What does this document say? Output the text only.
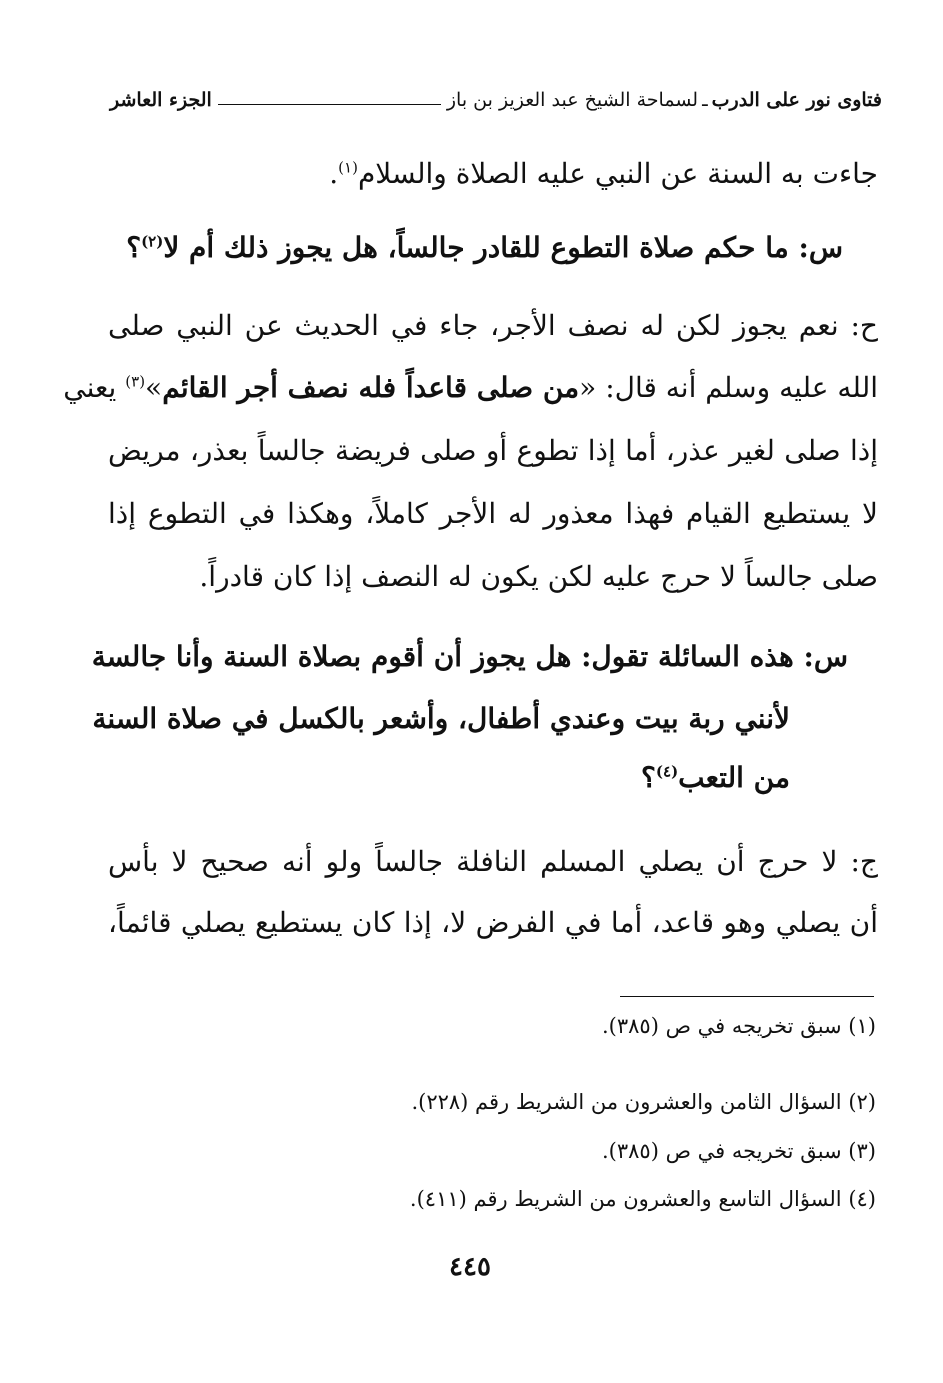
فتاوى نور على الدرب
ـ
لسماحة الشيخ عبد العزيز بن باز
الجزء العاشر
جاءت به السنة عن النبي عليه الصلاة والسلام$^{(١)}$.
س: ما حكم صلاة التطوع للقادر جالساً، هل يجوز ذلك أم لا$^{(٢)}$؟
ح: نعم يجوز لكن له نصف الأجر، جاء في الحديث عن النبي صلى
الله عليه وسلم أنه قال: «من صلى قاعداً فله نصف أجر القائم»$^{(٣)}$ يعني
إذا صلى لغير عذر، أما إذا تطوع أو صلى فريضة جالساً بعذر، مريض
لا يستطيع القيام فهذا معذور له الأجر كاملاً، وهكذا في التطوع إذا
صلى جالساً لا حرج عليه لكن يكون له النصف إذا كان قادراً.
س: هذه السائلة تقول: هل يجوز أن أقوم بصلاة السنة وأنا جالسة
لأنني ربة بيت وعندي أطفال، وأشعر بالكسل في صلاة السنة
من التعب$^{(٤)}$؟
ج: لا حرج أن يصلي المسلم النافلة جالساً ولو أنه صحيح لا بأس
أن يصلي وهو قاعد، أما في الفرض لا، إذا كان يستطيع يصلي قائماً،
(١) سبق تخريجه في ص (٣٨٥).
(٢) السؤال الثامن والعشرون من الشريط رقم (٢٢٨).
(٣) سبق تخريجه في ص (٣٨٥).
(٤) السؤال التاسع والعشرون من الشريط رقم (٤١١).
٤٤٥
